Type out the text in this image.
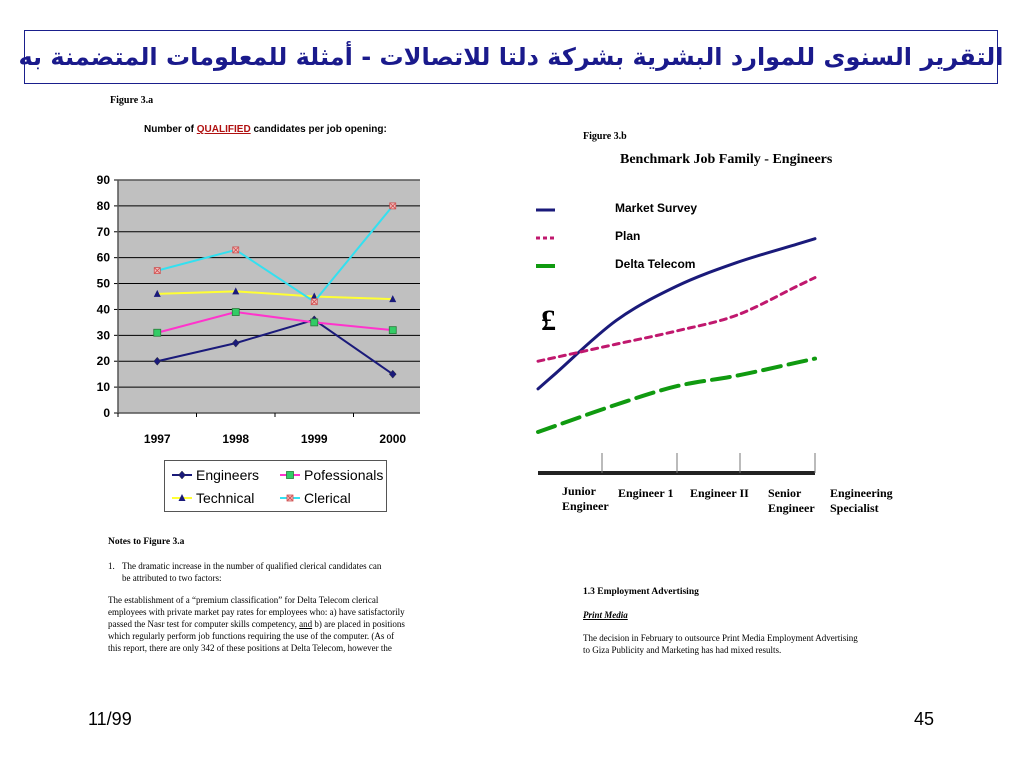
التقرير السنوى للموارد البشرية بشركة دلتا للاتصالات - أمثلة للمعلومات المتضمنة به
Figure 3.a
Number of QUALIFIED candidates per job opening:
0
10
20
30
40
50
60
70
80
90
1997	1998	1999	2000
Engineers	Pofessionals
Technical	Clerical
Notes to Figure 3.a
1. The dramatic increase in the number of qualified clerical candidates can
be attributed to two factors:
The establishment of a “premium classification” for Delta Telecom clerical
employees with private market pay rates for employees who: a) have satisfactorily
passed the Nasr test for computer skills competency, and b) are placed in positions
which regularly perform job functions requiring the use of the computer. (As of
this report, there are only 342 of these positions at Delta Telecom, however the
Figure 3.b
Benchmark Job Family - Engineers
£
Market Survey
Plan
Delta Telecom
Junior Engineer
Engineer 1	Engineer II	Senior Engineer
Engineering Specialist
1.3 Employment Advertising
Print Media
The decision in February to outsource Print Media Employment Advertising
to Giza Publicity and Marketing has had mixed results.
11/99	45
